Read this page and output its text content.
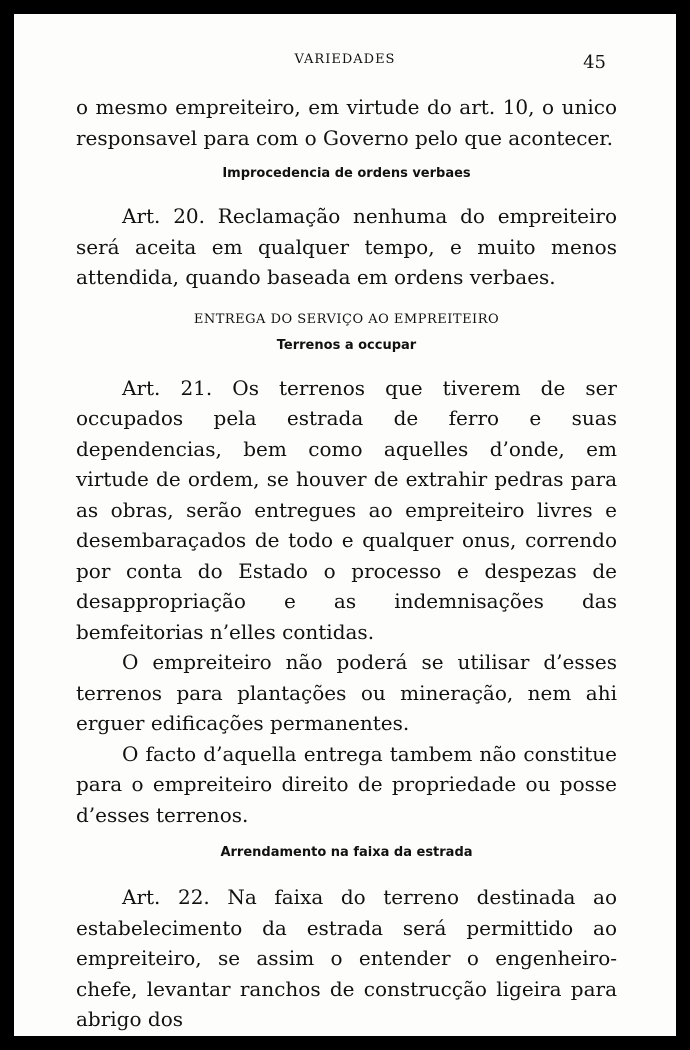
VARIEDADES	45

o mesmo empreiteiro, em virtude do art. 10, o unico responsavel para com o Governo pelo que acontecer.

Improcedencia de ordens verbaes

Art. 20. Reclamação nenhuma do empreiteiro será aceita em qualquer tempo, e muito menos attendida, quando baseada em ordens verbaes.

ENTREGA DO SERVIÇO AO EMPREITEIRO
Terrenos a occupar

Art. 21. Os terrenos que tiverem de ser occupados pela estrada de ferro e suas dependencias, bem como aquelles d’onde, em virtude de ordem, se houver de extrahir pedras para as obras, serão entregues ao empreiteiro livres e desembaraçados de todo e qualquer onus, correndo por conta do Estado o processo e despezas de desappropriação e as indemnisações das bemfeitorias n’elles contidas.

O empreiteiro não poderá se utilisar d’esses terrenos para plantações ou mineração, nem ahi erguer edificações permanentes.

O facto d’aquella entrega tambem não constitue para o empreiteiro direito de propriedade ou posse d’esses terrenos.

Arrendamento na faixa da estrada

Art. 22. Na faixa do terreno destinada ao estabelecimento da estrada será permittido ao empreiteiro, se assim o entender o engenheiro-chefe, levantar ranchos de construcção ligeira para abrigo dos
